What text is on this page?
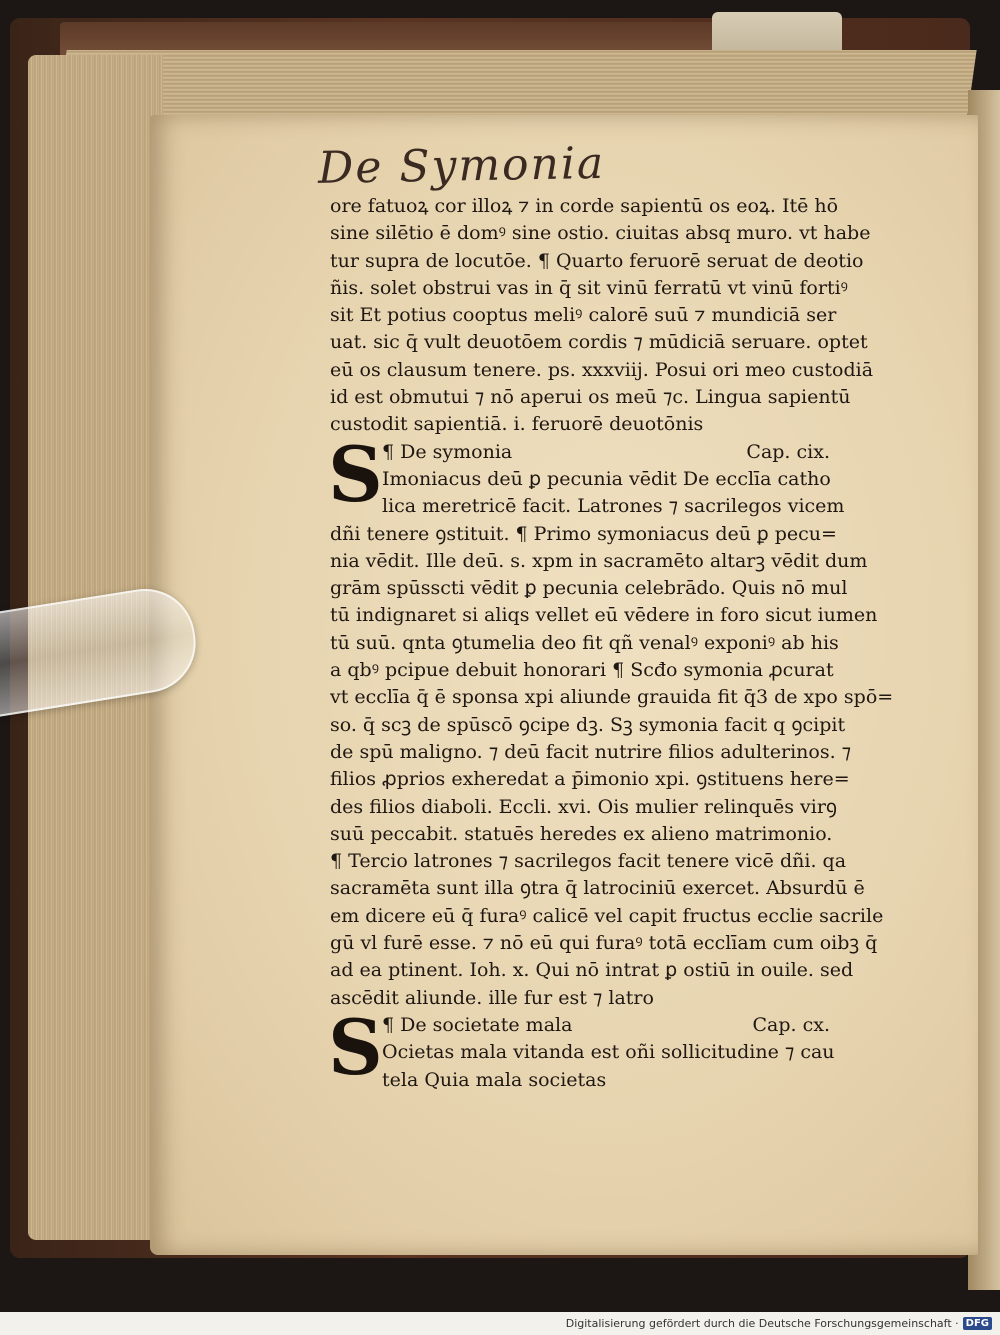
De Symonia
ore fatuoꝝ cor illoꝝ ⁊ in corde sapientū os eoꝝ. Itē hō
sine silētio ē domꝰ sine ostio. ciuitas absq muro. vt habe
tur supra de locutōe. ¶ Quarto feruorē seruat de deotio
ñis. solet obstrui vas in q̄ sit vinū ferratū vt vinū fortiꝰ
sit Et potius cooptus meliꝰ calorē suū ⁊ mundiciā ser
uat. sic q̄ vult deuotōem cordis ⁊ mūdiciā seruare. optet
eū os clausum tenere. ps. xxxviij. Posui ori meo custodiā
id est obmutui ⁊ nō aperui os meū ⁊c. Lingua sapientū
custodit sapientiā. i. feruorē deuotōnis
S ¶ De symonia	Cap. cix.
Imoniacus deū ꝑ pecunia vēdit De ecclīa catho
lica meretricē facit. Latrones ⁊ sacrilegos vicem
dñi tenere ꝯstituit. ¶ Primo symoniacus deū ꝑ pecu=
nia vēdit. Ille deū. s. xpm in sacramēto altarꝫ vēdit dum
grām spūsscti vēdit ꝑ pecunia celebrādo. Quis nō mul
tū indignaret si aliqs vellet eū vēdere in foro sicut iumen
tū suū. qnta ꝯtumelia deo fit qñ venalꝰ exponiꝰ ab his
a qbꝰ pcipue debuit honorari ¶ Scđo symonia ꝓcurat
vt ecclīa q̄ ē sponsa xpi aliunde grauida fit q̄3 de xpo spō=
so. q̄ scꝫ de spūscō ꝯcipe dꝫ. Sꝫ symonia facit q ꝯcipit
de spū maligno. ⁊ deū facit nutrire filios adulterinos. ⁊
filios ꝓprios exheredat a p̄imonio xpi. ꝯstituens here=
des filios diaboli. Eccli. xvi. Ois mulier relinquēs virꝯ
suū peccabit. statuēs heredes ex alieno matrimonio.
¶ Tercio latrones ⁊ sacrilegos facit tenere vicē dñi. qa
sacramēta sunt illa ꝯtra q̄ latrociniū exercet. Absurdū ē
em dicere eū q̄ furaꝰ calicē vel capit fructus ecclie sacrile
gū vl furē esse. ⁊ nō eū qui furaꝰ totā ecclīam cum oibꝫ q̄
ad ea ptinent. Ioh. x. Qui nō intrat ꝑ ostiū in ouile. sed
ascēdit aliunde. ille fur est ⁊ latro
S ¶ De societate mala	Cap. cx.
Ocietas mala vitanda est oñi sollicitudine ⁊ cau
tela Quia mala societas
Digitalisierung gefördert durch die Deutsche Forschungsgemeinschaft · DFG
